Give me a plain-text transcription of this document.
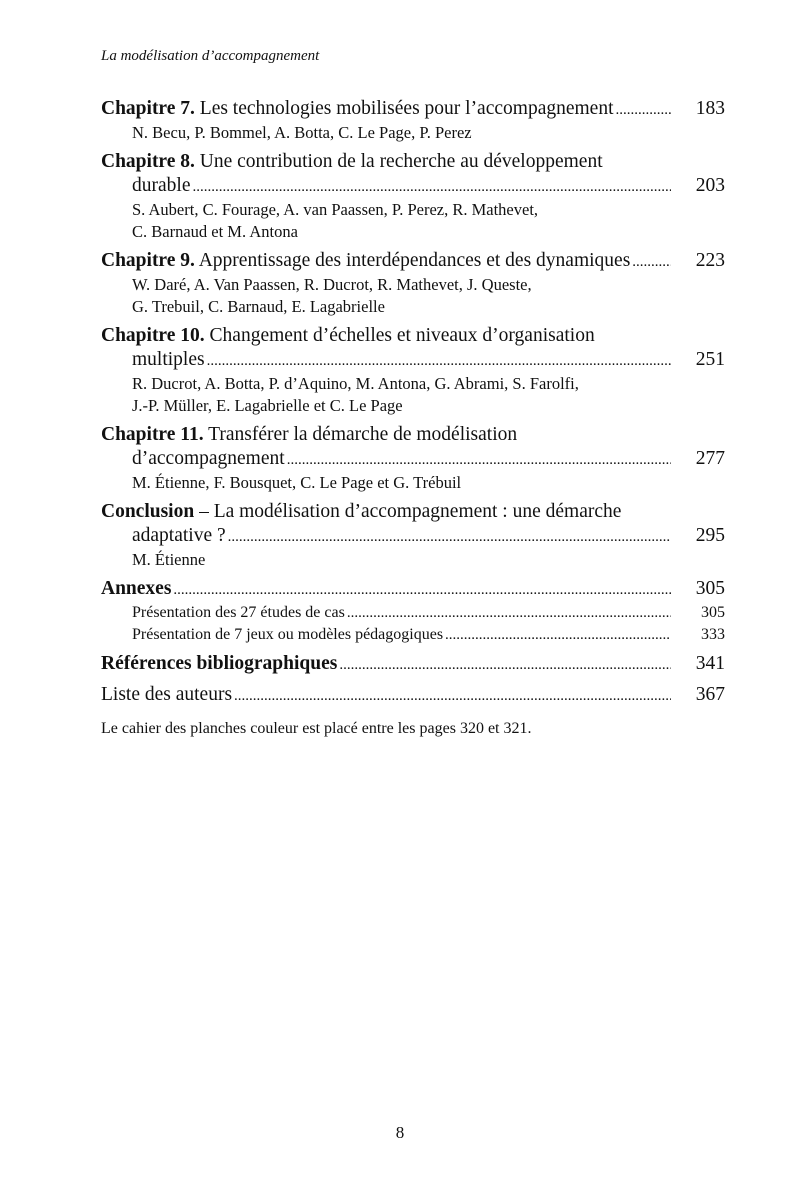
La modélisation d’accompagnement
Chapitre 7. Les technologies mobilisées pour l’accompagnement .....	183
N. Becu, P. Bommel, A. Botta, C. Le Page, P. Perez
Chapitre 8. Une contribution de la recherche au développement
durable .....	203
S. Aubert, C. Fourage, A. van Paassen, P. Perez, R. Mathevet,
C. Barnaud et M. Antona
Chapitre 9. Apprentissage des interdépendances et des dynamiques .....	223
W. Daré, A. Van Paassen, R. Ducrot, R. Mathevet, J. Queste,
G. Trebuil, C. Barnaud, E. Lagabrielle
Chapitre 10. Changement d’échelles et niveaux d’organisation
multiples .....	251
R. Ducrot, A. Botta, P. d’Aquino, M. Antona, G. Abrami, S. Farolfi,
J.-P. Müller, E. Lagabrielle et C. Le Page
Chapitre 11. Transférer la démarche de modélisation
d’accompagnement .....	277
M. Étienne, F. Bousquet, C. Le Page et G. Trébuil
Conclusion – La modélisation d’accompagnement : une démarche
adaptative ? .....	295
M. Étienne
Annexes .....	305
Présentation des 27 études de cas .....	305
Présentation de 7 jeux ou modèles pédagogiques .....	333
Références bibliographiques .....	341
Liste des auteurs .....	367
Le cahier des planches couleur est placé entre les pages 320 et 321.
8
